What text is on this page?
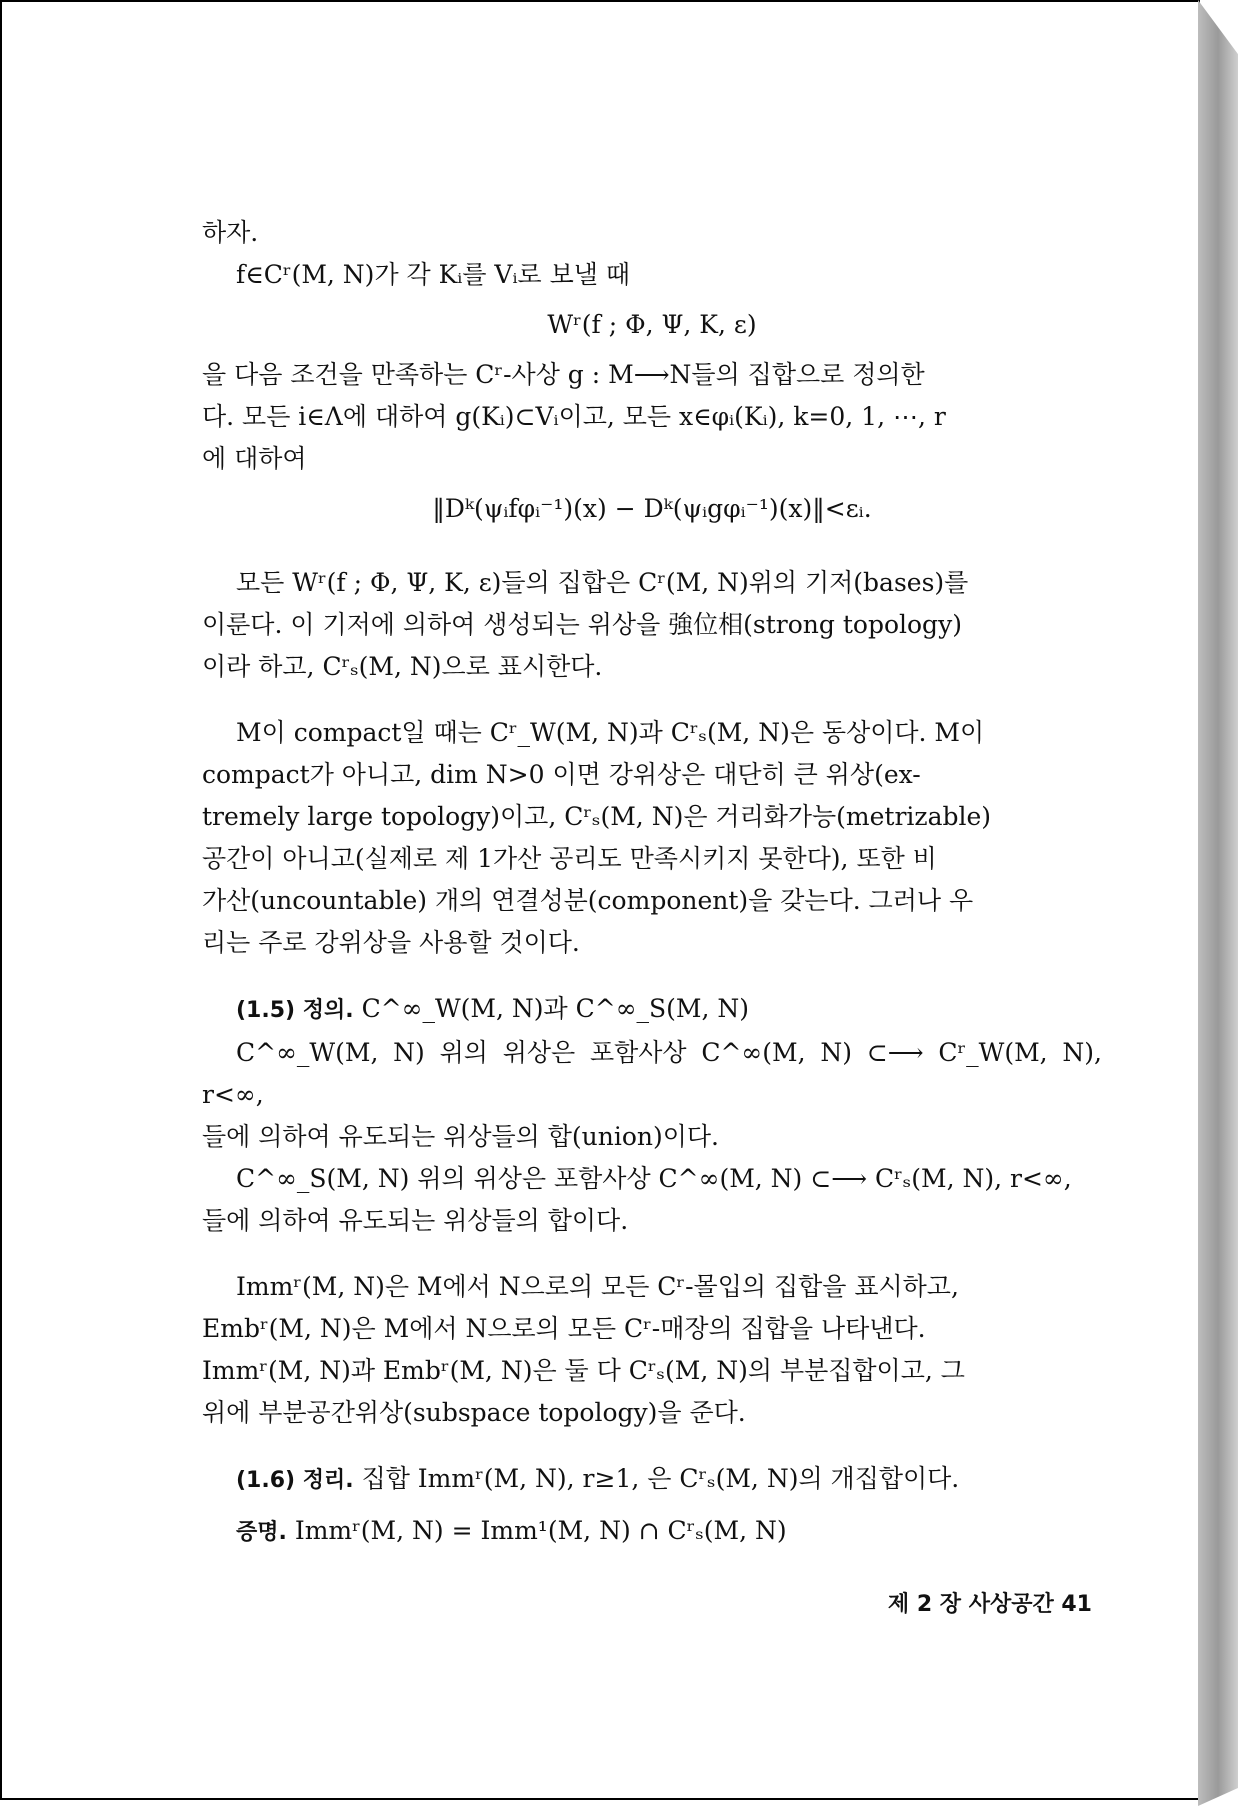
하자.

f∈Cʳ(M, N)가 각 Kᵢ를 Vᵢ로 보낼 때

Wʳ(f ; Φ, Ψ, K, ε)

을 다음 조건을 만족하는 Cʳ-사상 g : M⟶N들의 집합으로 정의한

다. 모든 i∈Λ에 대하여 g(Kᵢ)⊂Vᵢ이고, 모든 x∈φᵢ(Kᵢ), k=0, 1, ⋯, r

에 대하여

‖Dᵏ(ψᵢfφᵢ⁻¹)(x) − Dᵏ(ψᵢgφᵢ⁻¹)(x)‖<εᵢ.

모든 Wʳ(f ; Φ, Ψ, K, ε)들의 집합은 Cʳ(M, N)위의 기저(bases)를

이룬다. 이 기저에 의하여 생성되는 위상을 強位相(strong topology)

이라 하고, Cʳₛ(M, N)으로 표시한다.

M이 compact일 때는 Cʳ_W(M, N)과 Cʳₛ(M, N)은 동상이다. M이

compact가 아니고, dim N>0 이면 강위상은 대단히 큰 위상(ex-

tremely large topology)이고, Cʳₛ(M, N)은 거리화가능(metrizable)

공간이 아니고(실제로 제 1가산 공리도 만족시키지 못한다), 또한 비

가산(uncountable) 개의 연결성분(component)을 갖는다. 그러나 우

리는 주로 강위상을 사용할 것이다.

(1.5) 정의. C^∞_W(M, N)과 C^∞_S(M, N)

C^∞_W(M, N) 위의 위상은 포함사상 C^∞(M, N) ⊂⟶ Cʳ_W(M, N), r<∞,

들에 의하여 유도되는 위상들의 합(union)이다.

C^∞_S(M, N) 위의 위상은 포함사상 C^∞(M, N) ⊂⟶ Cʳₛ(M, N), r<∞,

들에 의하여 유도되는 위상들의 합이다.

Immʳ(M, N)은 M에서 N으로의 모든 Cʳ-몰입의 집합을 표시하고,

Embʳ(M, N)은 M에서 N으로의 모든 Cʳ-매장의 집합을 나타낸다.

Immʳ(M, N)과 Embʳ(M, N)은 둘 다 Cʳₛ(M, N)의 부분집합이고, 그

위에 부분공간위상(subspace topology)을 준다.

(1.6) 정리. 집합 Immʳ(M, N), r≥1, 은 Cʳₛ(M, N)의 개집합이다.

증명. Immʳ(M, N) = Imm¹(M, N) ∩ Cʳₛ(M, N)

제 2 장 사상공간 41
